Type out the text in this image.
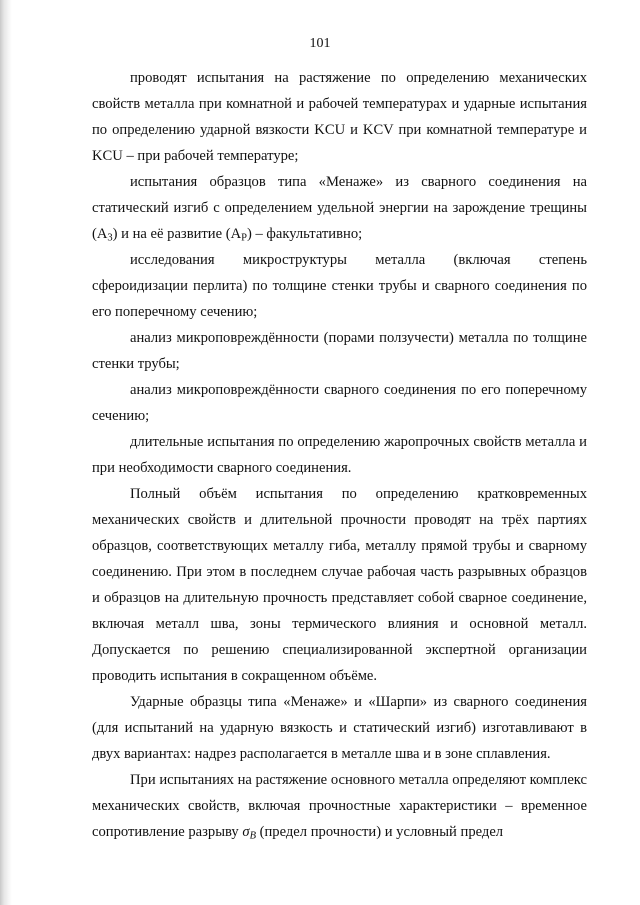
101

проводят испытания на растяжение по определению механических свойств металла при комнатной и рабочей температурах и ударные испытания по определению ударной вязкости KCU и KCV при комнатной температуре и KCU – при рабочей температуре;

испытания образцов типа «Менаже» из сварного соединения на статический изгиб с определением удельной энергии на зарождение трещины $(A_3)$ и на её развитие $(A_P)$ – факультативно;

исследования микроструктуры металла (включая степень сфероидизации перлита) по толщине стенки трубы и сварного соединения по его поперечному сечению;

анализ микроповреждённости (порами ползучести) металла по толщине стенки трубы;

анализ микроповреждённости сварного соединения по его поперечному сечению;

длительные испытания по определению жаропрочных свойств металла и при необходимости сварного соединения.

Полный объём испытания по определению кратковременных механических свойств и длительной прочности проводят на трёх партиях образцов, соответствующих металлу гиба, металлу прямой трубы и сварному соединению. При этом в последнем случае рабочая часть разрывных образцов и образцов на длительную прочность представляет собой сварное соединение, включая металл шва, зоны термического влияния и основной металл. Допускается по решению специализированной экспертной организации проводить испытания в сокращенном объёме.

Ударные образцы типа «Менаже» и «Шарпи» из сварного соединения (для испытаний на ударную вязкость и статический изгиб) изготавливают в двух вариантах: надрез располагается в металле шва и в зоне сплавления.

При испытаниях на растяжение основного металла определяют комплекс механических свойств, включая прочностные характеристики – временное сопротивление разрыву $\sigma_B$ (предел прочности) и условный предел
